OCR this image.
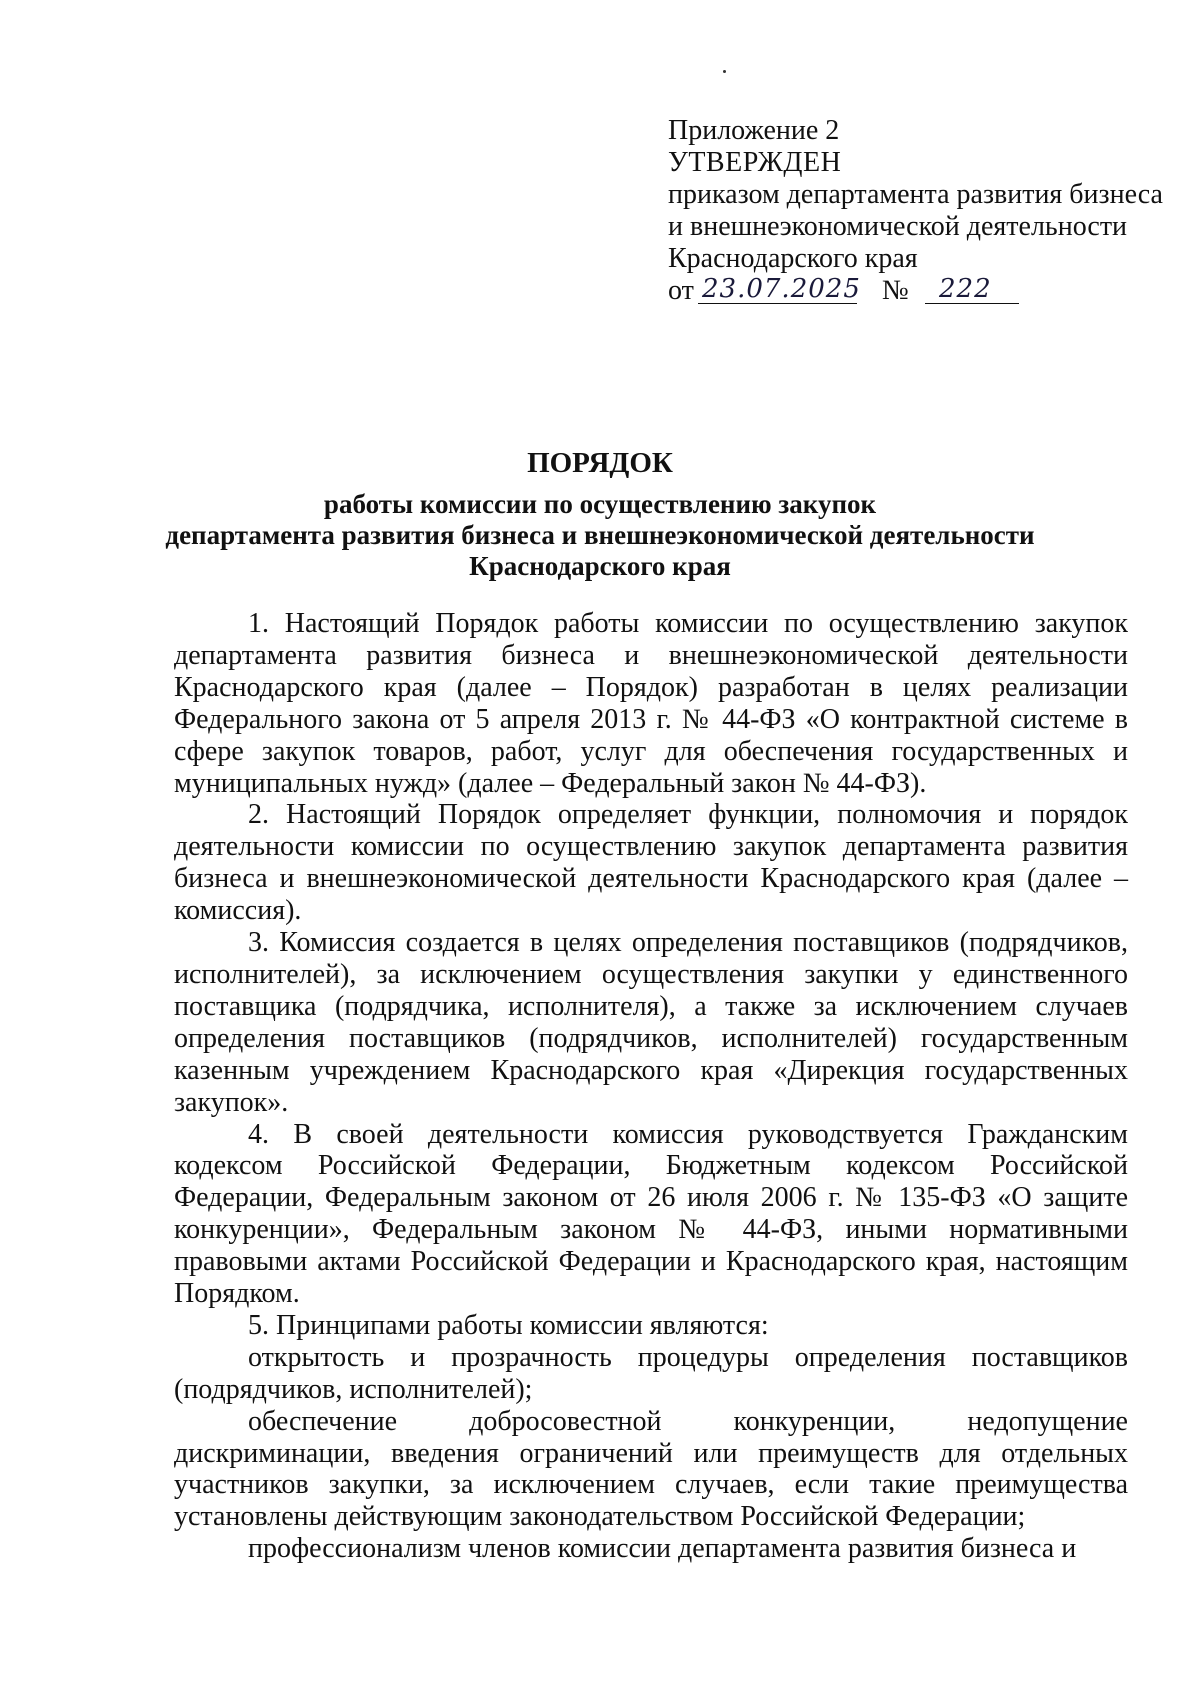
Приложение 2

УТВЕРЖДЕН

приказом департамента развития бизнеса

и внешнеэкономической деятельности

Краснодарского края

от 23.07.2025 №	222

ПОРЯДОК

работы комиссии по осуществлению закупок

департамента развития бизнеса и внешнеэкономической деятельности

Краснодарского края

1. Настоящий Порядок работы комиссии по осуществлению закупок департамента развития бизнеса и внешнеэкономической деятельности Краснодарского края (далее – Порядок) разработан в целях реализации Федерального закона от 5 апреля 2013 г. № 44-ФЗ «О контрактной системе в сфере закупок товаров, работ, услуг для обеспечения государственных и муниципальных нужд» (далее – Федеральный закон № 44-ФЗ).

2. Настоящий Порядок определяет функции, полномочия и порядок деятельности комиссии по осуществлению закупок департамента развития бизнеса и внешнеэкономической деятельности Краснодарского края (далее – комиссия).

3. Комиссия создается в целях определения поставщиков (подрядчиков, исполнителей), за исключением осуществления закупки у единственного поставщика (подрядчика, исполнителя), а также за исключением случаев определения поставщиков (подрядчиков, исполнителей) государственным казенным учреждением Краснодарского края «Дирекция государственных закупок».

4. В своей деятельности комиссия руководствуется Гражданским кодексом Российской Федерации, Бюджетным кодексом Российской Федерации, Федеральным законом от 26 июля 2006 г. № 135-ФЗ «О защите конкуренции», Федеральным законом № 44-ФЗ, иными нормативными правовыми актами Российской Федерации и Краснодарского края, настоящим Порядком.

5. Принципами работы комиссии являются:

открытость и прозрачность процедуры определения поставщиков (подрядчиков, исполнителей);

обеспечение добросовестной конкуренции, недопущение дискриминации, введения ограничений или преимуществ для отдельных участников закупки, за исключением случаев, если такие преимущества установлены действующим законодательством Российской Федерации;

профессионализм членов комиссии департамента развития бизнеса и
